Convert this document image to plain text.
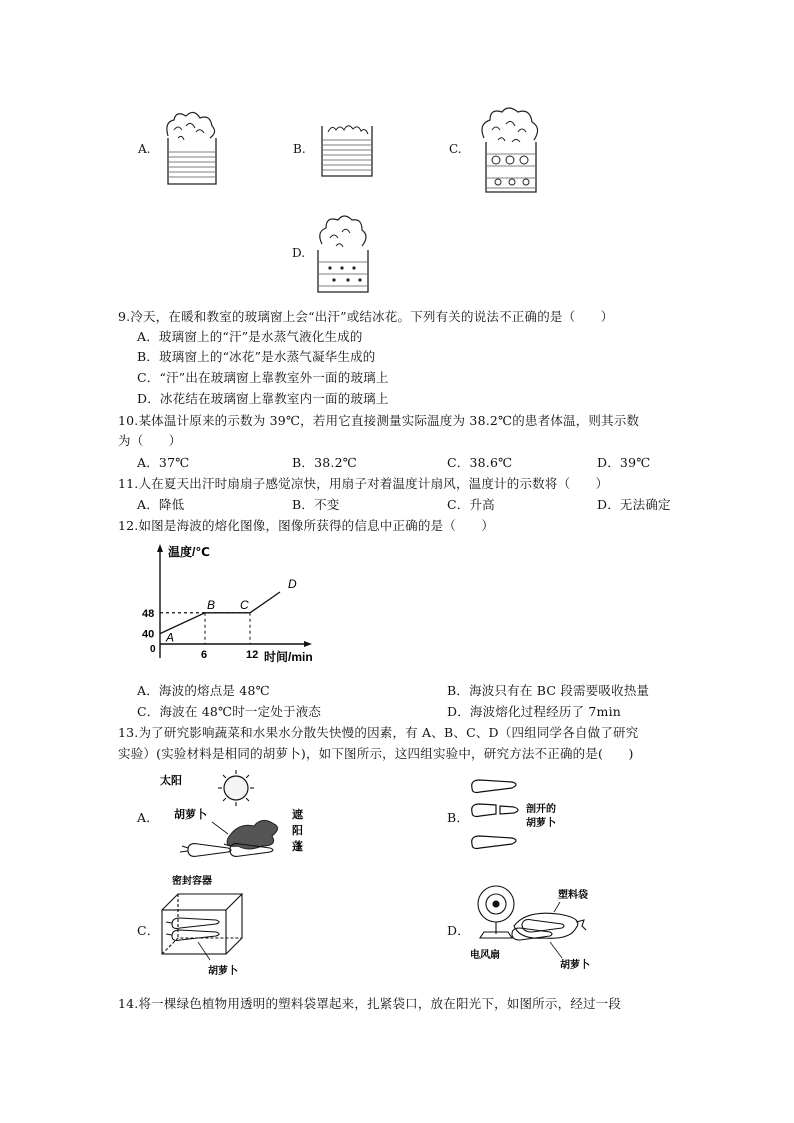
A.	B.	C.
D.
9.冷天，在暖和教室的玻璃窗上会“出汗”或结冰花。下列有关的说法不正确的是（　　）
A．玻璃窗上的“汗”是水蒸气液化生成的
B．玻璃窗上的“冰花”是水蒸气凝华生成的
C．“汗”出在玻璃窗上靠教室外一面的玻璃上
D．冰花结在玻璃窗上靠教室内一面的玻璃上
10.某体温计原来的示数为 39℃，若用它直接测量实际温度为 38.2℃的患者体温，则其示数
为（　　）
A．37℃	B．38.2℃	C．38.6℃	D．39℃
11.人在夏天出汗时扇扇子感觉凉快，用扇子对着温度计扇风，温度计的示数将（　　）
A．降低	B．不变	C．升高	D．无法确定
12.如图是海波的熔化图像，图像所获得的信息中正确的是（　　）
温度/℃
时间/min
0
40
48
6	12
A
B C
D
A．海波的熔点是 48℃	B．海波只有在 BC 段需要吸收热量
C．海波在 48℃时一定处于液态	D．海波熔化过程经历了 7min
13.为了研究影响蔬菜和水果水分散失快慢的因素，有 A、B、C、D（四组同学各自做了研究
实验）(实验材料是相同的胡萝卜)，如下图所示，这四组实验中，研究方法不正确的是(　　)
A．
太阳
胡萝卜	遮
阳
蓬
B．
剖开的
胡萝卜
C．
密封容器
胡萝卜
D．
塑料袋
电风扇
胡萝卜
14.将一棵绿色植物用透明的塑料袋罩起来，扎紧袋口，放在阳光下，如图所示，经过一段
